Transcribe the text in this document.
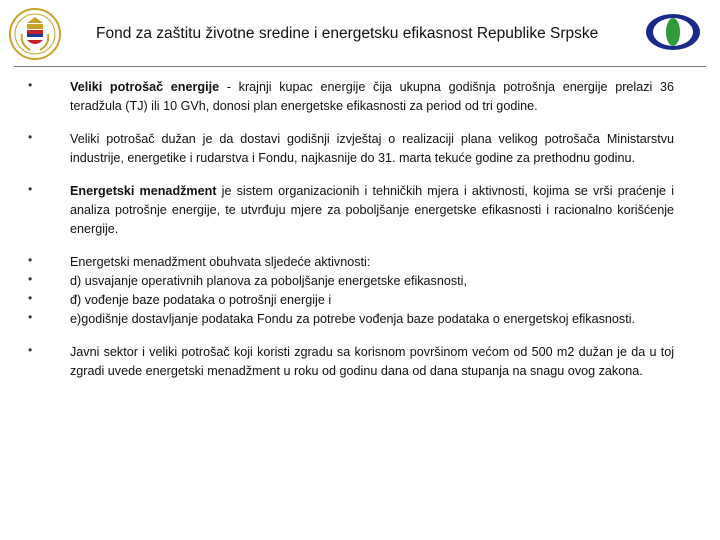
Fond za zaštitu životne sredine i energetsku efikasnost Republike Srpske
•	Veliki potrošač energije - krajnji kupac energije čija ukupna godišnja potrošnja energije prelazi 36 teradžula (TJ) ili 10 GVh, donosi plan energetske efikasnosti za period od tri godine.
•	Veliki potrošač dužan je da dostavi godišnji izvještaj o realizaciji plana velikog potrošača Ministarstvu industrije, energetike i rudarstva i Fondu, najkasnije do 31. marta tekuće godine za prethodnu godinu.
•	Energetski menadžment je sistem organizacionih i tehničkih mjera i aktivnosti, kojima se vrši praćenje i analiza potrošnje energije, te utvrđuju mjere za poboljšanje energetske efikasnosti i racionalno korišćenje energije.
•	Energetski menadžment obuhvata sljedeće aktivnosti:
•	d) usvajanje operativnih planova za poboljšanje energetske efikasnosti,
•	đ) vođenje baze podataka o potrošnji energije i
•	e)godišnje dostavljanje podataka Fondu za potrebe vođenja baze podataka o energetskoj efikasnosti.
•	Javni sektor i veliki potrošač koji koristi zgradu sa korisnom površinom većom od 500 m2 dužan je da u toj zgradi uvede energetski menadžment u roku od godinu dana od dana stupanja na snagu ovog zakona.
